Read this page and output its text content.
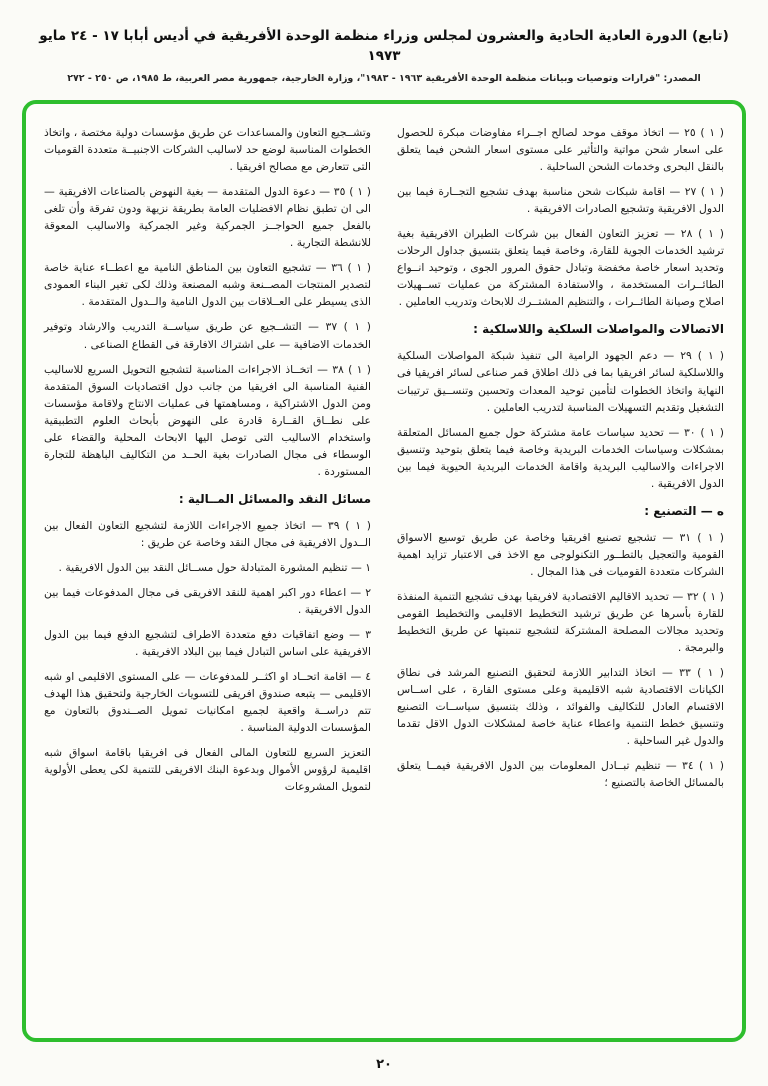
(تابع) الدورة العادية الحادية والعشرون لمجلس وزراء منظمة الوحدة الأفريقية في أديس أبابا ١٧ - ٢٤ مايو ١٩٧٣
المصدر: "قرارات وتوصيات وبيانات منظمة الوحدة الأفريقية ١٩٦٣ - ١٩٨٣"، وزارة الخارجية، جمهورية مصر العربية، ط ١٩٨٥، ص ٢٥٠ - ٢٧٢

( ١ ) ٢٥ — اتخاذ موقف موحد لصالح اجــراء مفاوضات مبكرة للحصول على اسعار شحن مواتية والتأثير على مستوى اسعار الشحن فيما يتعلق بالنقل البحرى وخدمات الشحن الساحلية .

( ١ ) ٢٧ — اقامة شبكات شحن مناسبة بهدف تشجيع التجــارة فيما بين الدول الافريقية وتشجيع الصادرات الافريقية .

( ١ ) ٢٨ — تعزيز التعاون الفعال بين شركات الطيران الافريقية بغية ترشيد الخدمات الجوية للقارة، وخاصة فيما يتعلق بتنسيق جداول الرحلات وتحديد اسعار خاصة مخفضة وتبادل حقوق المرور الجوى ، وتوحيد انــواع الطائــرات المستخدمة ، والاستفادة المشتركة من عمليات تســهيلات اصلاح وصيانة الطائــرات ، والتنظيم المشتــرك للابحاث وتدريب العاملين .

الاتصالات والمواصلات السلكية واللاسلكية :

( ١ ) ٢٩ — دعم الجهود الرامية الى تنفيذ شبكة المواصلات السلكية واللاسلكية لسائر افريقيا بما فى ذلك اطلاق قمر صناعى لسائر افريقيا فى النهاية واتخاذ الخطوات لتأمين توحيد المعدات وتحسين وتنســيق ترتيبات التشغيل وتقديم التسهيلات المناسبة لتدريب العاملين .

( ١ ) ٣٠ — تحديد سياسات عامة مشتركة حول جميع المسائل المتعلقة بمشكلات وسياسات الخدمات البريدية وخاصة فيما يتعلق بتوحيد وتنسيق الاجراءات والاساليب البريدية واقامة الخدمات البريدية الحيوية فيما بين الدول الافريقية .

ه — التصنيع :

( ١ ) ٣١ — تشجيع تصنيع افريقيا وخاصة عن طريق توسيع الاسواق القومية والتعجيل بالتطــور التكنولوجى مع الاخذ فى الاعتبار تزايد اهمية الشركات متعددة القوميات فى هذا المجال .

( ١ ) ٣٢ — تحديد الاقاليم الاقتصادية لافريقيا بهدف تشجيع التنمية المنفذة للقارة بأسرها عن طريق ترشيد التخطيط الاقليمى والتخطيط القومى وتحديد مجالات المصلحة المشتركة لتشجيع تنميتها عن طريق التخطيط والبرمجة .

( ١ ) ٣٣ — اتخاذ التدابير اللازمة لتحقيق التصنيع المرشد فى نطاق الكيانات الاقتصادية شبه الاقليمية وعلى مستوى القارة ، على اســاس الاقتسام العادل للتكاليف والفوائد ، وذلك بتنسيق سياســات التصنيع وتنسيق خطط التنمية واعطاء عناية خاصة لمشكلات الدول الاقل تقدما والدول غير الساحلية .

( ١ ) ٣٤ — تنظيم تبــادل المعلومات بين الدول الافريقية فيمــا يتعلق بالمسائل الخاصة بالتصنيع ؛

وتشــجيع التعاون والمساعدات عن طريق مؤسسات دولية مختصة ، واتخاذ الخطوات المناسبة لوضع حد لاساليب الشركات الاجنبيــة متعددة القوميات التى تتعارض مع مصالح افريقيا .

( ١ ) ٣٥ — دعوة الدول المتقدمة — بغية النهوض بالصناعات الافريقية — الى ان تطبق نظام الافضليات العامة بطريقة نزيهة ودون تفرقة وأن تلغى بالفعل جميع الحواجــز الجمركية وغير الجمركية والاساليب المعوقة للانشطة التجارية .

( ١ ) ٣٦ — تشجيع التعاون بين المناطق النامية مع اعطــاء عناية خاصة لتصدير المنتجات المصــنعة وشبه المصنعة وذلك لكى تغير البناء العمودى الذى يسيطر على العــلاقات بين الدول النامية والــدول المتقدمة .

( ١ ) ٣٧ — التشــجيع عن طريق سياســة التدريب والارشاد وتوفير الخدمات الاضافية — على اشتراك الافارقة فى القطاع الصناعى .

( ١ ) ٣٨ — اتخــاذ الاجراءات المناسبة لتشجيع التحويل السريع للاساليب الفنية المناسبة الى افريقيا من جانب دول اقتصاديات السوق المتقدمة ومن الدول الاشتراكية ، ومساهمتها فى عمليات الانتاج ولاقامة مؤسسات على نطــاق القــارة قادرة على النهوض بأبحاث العلوم التطبيقية واستخدام الاساليب التى توصل اليها الابحاث المحلية والقضاء على الوسطاء فى مجال الصادرات بغية الحــد من التكاليف الباهظة للتجارة المستوردة .

مسائل النقد والمسائل المــالية :

( ١ ) ٣٩ — اتخاذ جميع الاجراءات اللازمة لتشجيع التعاون الفعال بين الــدول الافريقية فى مجال النقد وخاصة عن طريق :

١ — تنظيم المشورة المتبادلة حول مســائل النقد بين الدول الافريقية .

٢ — اعطاء دور اكبر اهمية للنقد الافريقى فى مجال المدفوعات فيما بين الدول الافريقية .

٣ — وضع اتفاقيات دفع متعددة الاطراف لتشجيع الدفع فيما بين الدول الافريقية على اساس التبادل فيما بين البلاد الافريقية .

٤ — اقامة اتحــاد او اكثــر للمدفوعات — على المستوى الاقليمى او شبه الاقليمى — يتبعه صندوق افريقى للتسويات الخارجية ولتحقيق هذا الهدف تتم دراســة واقعية لجميع امكانيات تمويل الصــندوق بالتعاون مع المؤسسات الدولية المناسبة .

التعزيز السريع للتعاون المالى الفعال فى افريقيا باقامة اسواق شبه اقليمية لرؤوس الأموال وبدعوة البنك الافريقى للتنمية لكى يعطى الأولوية لتمويل المشروعات

٢٠
